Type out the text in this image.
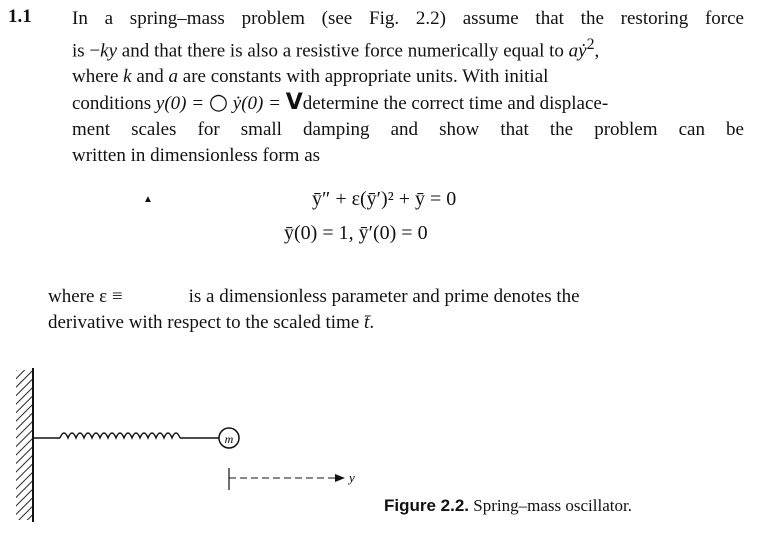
1.1 In a spring–mass problem (see Fig. 2.2) assume that the restoring force
is −ky and that there is also a resistive force numerically equal to aẏ$^2$,
where k and a are constants with appropriate units. With initial
conditions y(0) = ○ ẏ(0) = Vdetermine the correct time and displace-
ment scales for small damping and show that the problem can be
written in dimensionless form as
▲	ȳ″ + ε(ȳ′)² + ȳ = 0
ȳ(0) = 1, ȳ′(0) = 0
where ε ≡	is a dimensionless parameter and prime denotes the
derivative with respect to the scaled time t̄.
m
y
Figure 2.2. Spring–mass oscillator.
